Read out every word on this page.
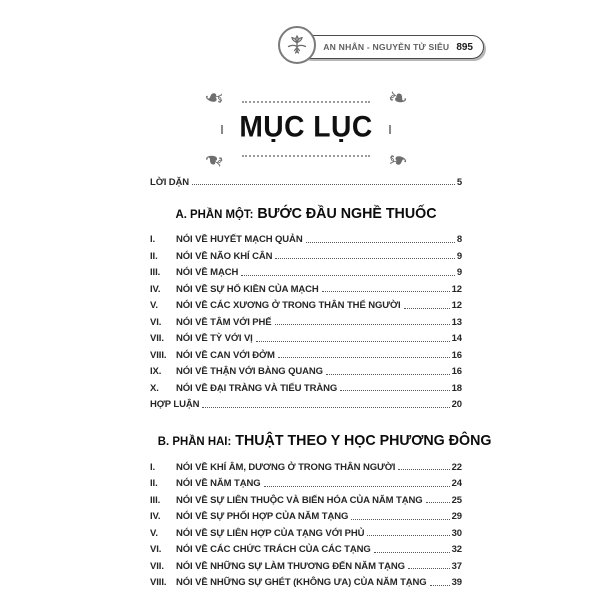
AN NHÂN - NGUYỄN TỬ SIÊU 895
❧	❧
❧	❧
MỤC LỤC
LỜI DẶN	5
A. PHẦN MỘT: BƯỚC ĐẦU NGHỀ THUỐC
I.	NÓI VỀ HUYẾT MẠCH QUẢN	8
II.	NÓI VỀ NÃO KHÍ CÂN	9
III.	NÓI VỀ MẠCH	9
IV.	NÓI VỀ SỰ HỔ KIỀN CỦA MẠCH	12
V.	NÓI VỀ CÁC XƯƠNG Ở TRONG THÂN THỂ NGƯỜI	12
VI.	NÓI VỀ TÂM VỚI PHẾ	13
VII.	NÓI VỀ TỲ VỚI VỊ	14
VIII.	NÓI VỀ CAN VỚI ĐỞM	16
IX.	NÓI VỀ THẬN VỚI BÀNG QUANG	16
X.	NÓI VỀ ĐẠI TRÀNG VÀ TIỂU TRÀNG	18
HỢP LUẬN	20
B. PHẦN HAI: THUẬT THEO Y HỌC PHƯƠNG ĐÔNG
I.	NÓI VỀ KHÍ ÂM, DƯƠNG Ở TRONG THÂN NGƯỜI	22
II.	NÓI VỀ NĂM TẠNG	24
III.	NÓI VỀ SỰ LIÊN THUỘC VÀ BIẾN HÓA CỦA NĂM TẠNG	25
IV.	NÓI VỀ SỰ PHỐI HỢP CỦA NĂM TẠNG	29
V.	NÓI VỀ SỰ LIÊN HỢP CỦA TẠNG VỚI PHỦ	30
VI.	NÓI VỀ CÁC CHỨC TRÁCH CỦA CÁC TẠNG	32
VII.	NÓI VỀ NHỮNG SỰ LÀM THƯƠNG ĐẾN NĂM TẠNG	37
VIII.	NÓI VỀ NHỮNG SỰ GHÉT (KHÔNG ƯA) CỦA NĂM TẠNG	39
